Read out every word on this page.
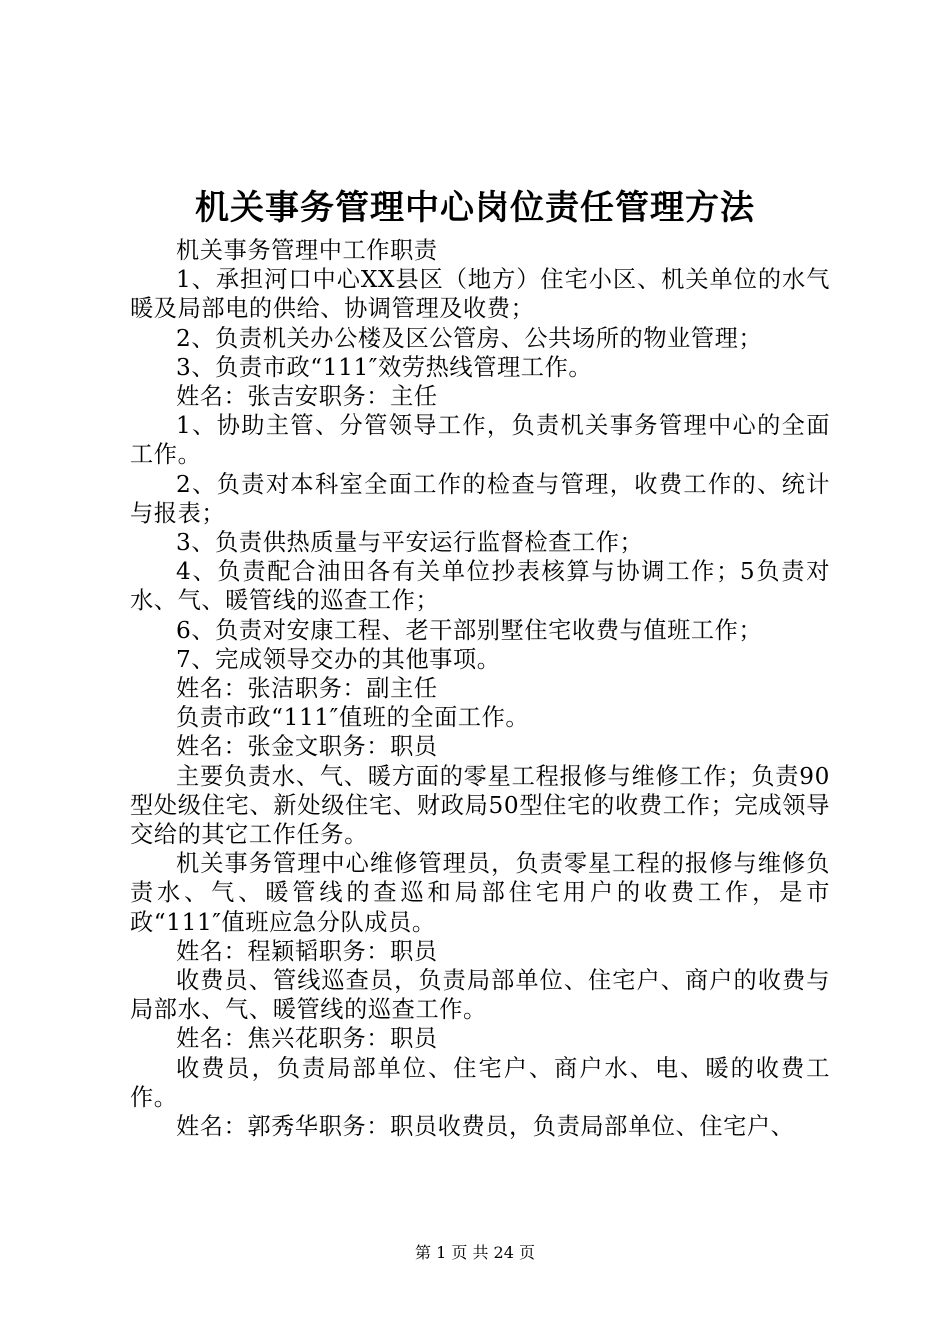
机关事务管理中心岗位责任管理方法

机关事务管理中工作职责

1、承担河口中心XX县区（地方）住宅小区、机关单位的水气暖及局部电的供给、协调管理及收费；

2、负责机关办公楼及区公管房、公共场所的物业管理；

3、负责市政“111″效劳热线管理工作。

姓名：张吉安职务：主任

1、协助主管、分管领导工作，负责机关事务管理中心的全面工作。

2、负责对本科室全面工作的检查与管理，收费工作的、统计与报表；

3、负责供热质量与平安运行监督检查工作；

4、负责配合油田各有关单位抄表核算与协调工作；5负责对水、气、暖管线的巡查工作；

6、负责对安康工程、老干部别墅住宅收费与值班工作；

7、完成领导交办的其他事项。

姓名：张洁职务：副主任

负责市政“111″值班的全面工作。

姓名：张金文职务：职员

主要负责水、气、暖方面的零星工程报修与维修工作；负责90型处级住宅、新处级住宅、财政局50型住宅的收费工作；完成领导交给的其它工作任务。

机关事务管理中心维修管理员，负责零星工程的报修与维修负责水、气、暖管线的查巡和局部住宅用户的收费工作，是市政“111″值班应急分队成员。

姓名：程颖韬职务：职员

收费员、管线巡查员，负责局部单位、住宅户、商户的收费与局部水、气、暖管线的巡查工作。

姓名：焦兴花职务：职员

收费员，负责局部单位、住宅户、商户水、电、暖的收费工作。

姓名：郭秀华职务：职员收费员，负责局部单位、住宅户、

第 1 页 共 24 页
